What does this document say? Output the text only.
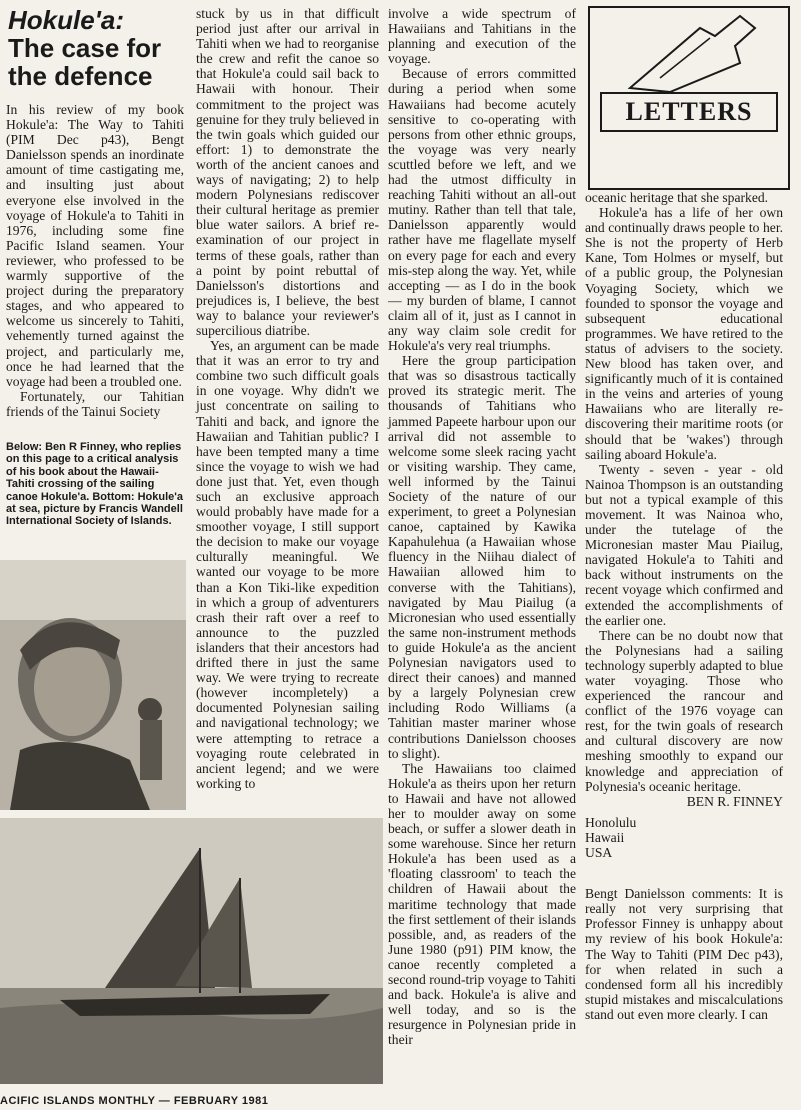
Hokule'a:
The case for
the defence

In his review of my book Hokule'a: The Way to Tahiti (PIM Dec p43), Bengt Danielsson spends an inordinate amount of time castigating me, and insulting just about everyone else involved in the voyage of Hokule'a to Tahiti in 1976, including some fine Pacific Island seamen. Your reviewer, who professed to be warmly supportive of the project during the preparatory stages, and who appeared to welcome us sincerely to Tahiti, vehemently turned against the project, and particularly me, once he had learned that the voyage had been a troubled one.

Fortunately, our Tahitian friends of the Tainui Society

Below: Ben R Finney, who replies on this page to a critical analysis of his book about the Hawaii-Tahiti crossing of the sailing canoe Hokule'a. Bottom: Hokule'a at sea, picture by Francis Wandell International Society of Islands.

stuck by us in that difficult period just after our arrival in Tahiti when we had to reorganise the crew and refit the canoe so that Hokule'a could sail back to Hawaii with honour. Their commitment to the project was genuine for they truly believed in the twin goals which guided our effort: 1) to demonstrate the worth of the ancient canoes and ways of navigating; 2) to help modern Polynesians rediscover their cultural heritage as premier blue water sailors. A brief re-examination of our project in terms of these goals, rather than a point by point rebuttal of Danielsson's distortions and prejudices is, I believe, the best way to balance your reviewer's supercilious diatribe.

Yes, an argument can be made that it was an error to try and combine two such difficult goals in one voyage. Why didn't we just concentrate on sailing to Tahiti and back, and ignore the Hawaiian and Tahitian public? I have been tempted many a time since the voyage to wish we had done just that. Yet, even though such an exclusive approach would probably have made for a smoother voyage, I still support the decision to make our voyage culturally meaningful. We wanted our voyage to be more than a Kon Tiki-like expedition in which a group of adventurers crash their raft over a reef to announce to the puzzled islanders that their ancestors had drifted there in just the same way. We were trying to recreate (however incompletely) a documented Polynesian sailing and navigational technology; we were attempting to retrace a voyaging route celebrated in ancient legend; and we were working to

involve a wide spectrum of Hawaiians and Tahitians in the planning and execution of the voyage.

Because of errors committed during a period when some Hawaiians had become acutely sensitive to co-operating with persons from other ethnic groups, the voyage was very nearly scuttled before we left, and we had the utmost difficulty in reaching Tahiti without an all-out mutiny. Rather than tell that tale, Danielsson apparently would rather have me flagellate myself on every page for each and every mis-step along the way. Yet, while accepting — as I do in the book — my burden of blame, I cannot claim all of it, just as I cannot in any way claim sole credit for Hokule'a's very real triumphs.

Here the group participation that was so disastrous tactically proved its strategic merit. The thousands of Tahitians who jammed Papeete harbour upon our arrival did not assemble to welcome some sleek racing yacht or visiting warship. They came, well informed by the Tainui Society of the nature of our experiment, to greet a Polynesian canoe, captained by Kawika Kapahulehua (a Hawaiian whose fluency in the Niihau dialect of Hawaiian allowed him to converse with the Tahitians), navigated by Mau Piailug (a Micronesian who used essentially the same non-instrument methods to guide Hokule'a as the ancient Polynesian navigators used to direct their canoes) and manned by a largely Polynesian crew including Rodo Williams (a Tahitian master mariner whose contributions Danielsson chooses to slight).

The Hawaiians too claimed Hokule'a as theirs upon her return to Hawaii and have not allowed her to moulder away on some beach, or suffer a slower death in some warehouse. Since her return Hokule'a has been used as a 'floating classroom' to teach the children of Hawaii about the maritime technology that made the first settlement of their islands possible, and, as readers of the June 1980 (p91) PIM know, the canoe recently completed a second round-trip voyage to Tahiti and back. Hokule'a is alive and well today, and so is the resurgence in Polynesian pride in their

LETTERS

oceanic heritage that she sparked.

Hokule'a has a life of her own and continually draws people to her. She is not the property of Herb Kane, Tom Holmes or myself, but of a public group, the Polynesian Voyaging Society, which we founded to sponsor the voyage and subsequent educational programmes. We have retired to the status of advisers to the society. New blood has taken over, and significantly much of it is contained in the veins and arteries of young Hawaiians who are literally re-discovering their maritime roots (or should that be 'wakes') through sailing aboard Hokule'a.

Twenty - seven - year - old Nainoa Thompson is an outstanding but not a typical example of this movement. It was Nainoa who, under the tutelage of the Micronesian master Mau Piailug, navigated Hokule'a to Tahiti and back without instruments on the recent voyage which confirmed and extended the accomplishments of the earlier one.

There can be no doubt now that the Polynesians had a sailing technology superbly adapted to blue water voyaging. Those who experienced the rancour and conflict of the 1976 voyage can rest, for the twin goals of research and cultural discovery are now meshing smoothly to expand our knowledge and appreciation of Polynesia's oceanic heritage.

BEN R. FINNEY

Honolulu

Hawaii

USA

Bengt Danielsson comments: It is really not very surprising that Professor Finney is unhappy about my review of his book Hokule'a: The Way to Tahiti (PIM Dec p43), for when related in such a condensed form all his incredibly stupid mistakes and miscalculations stand out even more clearly. I can

ACIFIC ISLANDS MONTHLY — FEBRUARY 1981
